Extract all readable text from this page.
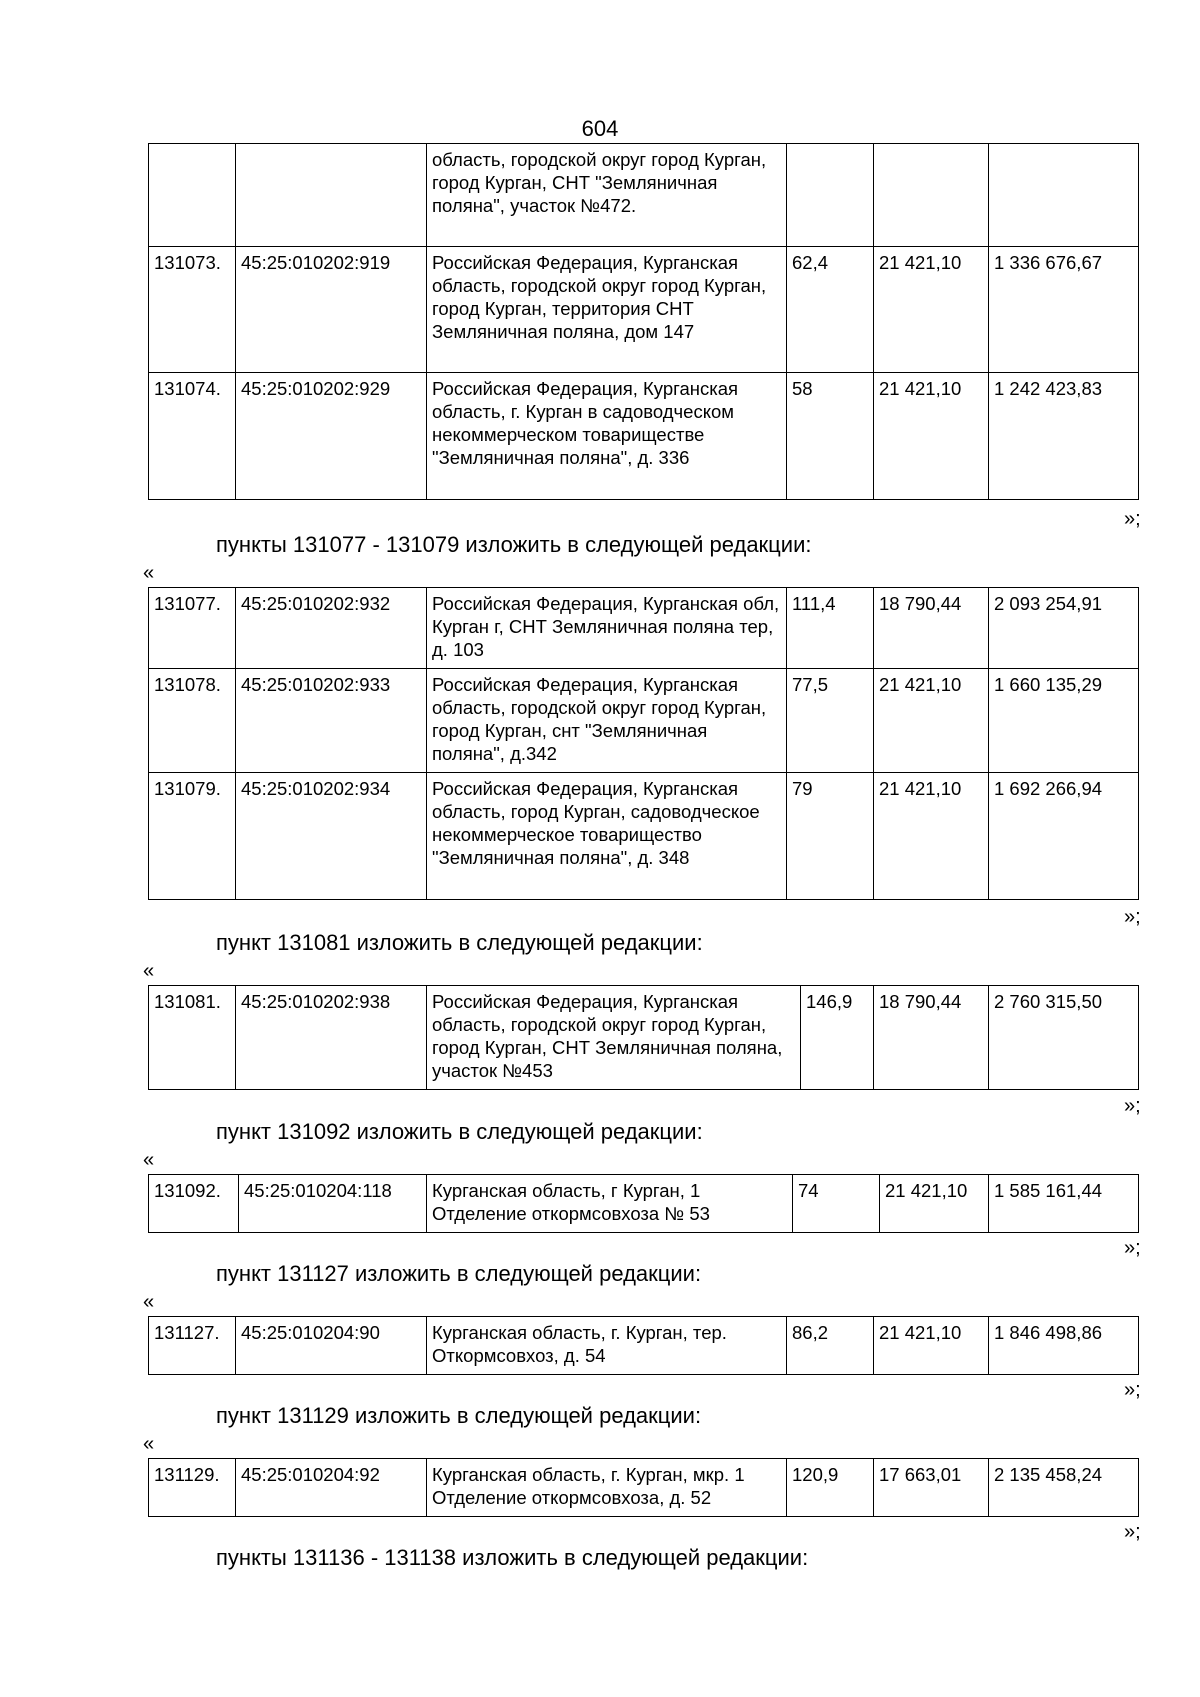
604
		область, городской округ город Курган, город Курган, СНТ "Земляничная поляна", участок №472.			
131073.	45:25:010202:919	Российская Федерация, Курганская область, городской округ город Курган, город Курган, территория СНТ Земляничная поляна, дом 147	62,4	21 421,10	1 336 676,67
131074.	45:25:010202:929	Российская Федерация, Курганская область, г. Курган в садоводческом некоммерческом товариществе "Земляничная поляна", д. 336	58	21 421,10	1 242 423,83
»;
пункты 131077 - 131079 изложить в следующей редакции:
«
131077.	45:25:010202:932	Российская Федерация, Курганская обл, Курган г, СНТ Земляничная поляна тер, д. 103	111,4	18 790,44	2 093 254,91
131078.	45:25:010202:933	Российская Федерация, Курганская область, городской округ город Курган, город Курган, снт "Земляничная поляна", д.342	77,5	21 421,10	1 660 135,29
131079.	45:25:010202:934	Российская Федерация, Курганская область, город Курган, садоводческое некоммерческое товарищество "Земляничная поляна", д. 348	79	21 421,10	1 692 266,94
»;
пункт 131081 изложить в следующей редакции:
«
131081.	45:25:010202:938	Российская Федерация, Курганская область, городской округ город Курган, город Курган, СНТ Земляничная поляна, участок №453	146,9	18 790,44	2 760 315,50
»;
пункт 131092 изложить в следующей редакции:
«
131092.	45:25:010204:118	Курганская область, г Курган, 1 Отделение откормсовхоза № 53	74	21 421,10	1 585 161,44
»;
пункт 131127 изложить в следующей редакции:
«
131127.	45:25:010204:90	Курганская область, г. Курган, тер. Откормсовхоз, д. 54	86,2	21 421,10	1 846 498,86
»;
пункт 131129 изложить в следующей редакции:
«
131129.	45:25:010204:92	Курганская область, г. Курган, мкр. 1 Отделение откормсовхоза, д. 52	120,9	17 663,01	2 135 458,24
»;
пункты 131136 - 131138 изложить в следующей редакции:
